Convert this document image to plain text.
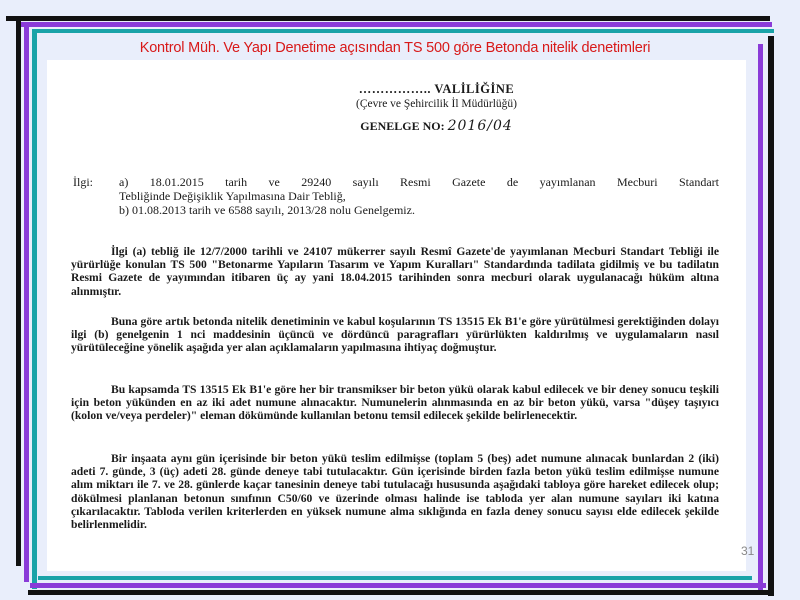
Kontrol Müh. Ve Yapı Denetime açısından TS 500 göre Betonda nitelik denetimleri
…………….. VALİLİĞİNE
(Çevre ve Şehircilik İl Müdürlüğü)
GENELGE NO: 2016/04
İlgi: a) 18.01.2015 tarih ve 29240 sayılı Resmi Gazete de yayımlanan Mecburi Standart
Tebliğinde Değişiklik Yapılmasına Dair Tebliğ,
b) 01.08.2013 tarih ve 6588 sayılı, 2013/28 nolu Genelgemiz.
İlgi (a) tebliğ ile 12/7/2000 tarihli ve 24107 mükerrer sayılı Resmî Gazete'de yayımlanan Mecburi Standart Tebliği ile yürürlüğe konulan TS 500 "Betonarme Yapıların Tasarım ve Yapım Kuralları" Standardında tadilata gidilmiş ve bu tadilatın Resmi Gazete de yayımından itibaren üç ay yani 18.04.2015 tarihinden sonra mecburi olarak uygulanacağı hüküm altına alınmıştır.
Buna göre artık betonda nitelik denetiminin ve kabul koşularının TS 13515 Ek B1'e göre yürütülmesi gerektiğinden dolayı ilgi (b) genelgenin 1 nci maddesinin üçüncü ve dördüncü paragrafları yürürlükten kaldırılmış ve uygulamaların nasıl yürütüleceğine yönelik aşağıda yer alan açıklamaların yapılmasına ihtiyaç doğmuştur.
Bu kapsamda TS 13515 Ek B1'e göre her bir transmikser bir beton yükü olarak kabul edilecek ve bir deney sonucu teşkili için beton yükünden en az iki adet numune alınacaktır. Numunelerin alınmasında en az bir beton yükü, varsa "düşey taşıyıcı (kolon ve/veya perdeler)" eleman dökümünde kullanılan betonu temsil edilecek şekilde belirlenecektir.
Bir inşaata aynı gün içerisinde bir beton yükü teslim edilmişse (toplam 5 (beş) adet numune alınacak bunlardan 2 (iki) adeti 7. günde, 3 (üç) adeti 28. günde deneye tabi tutulacaktır. Gün içerisinde birden fazla beton yükü teslim edilmişse numune alım miktarı ile 7. ve 28. günlerde kaçar tanesinin deneye tabi tutulacağı hususunda aşağıdaki tabloya göre hareket edilecek olup; dökülmesi planlanan betonun sınıfının C50/60 ve üzerinde olması halinde ise tabloda yer alan numune sayıları iki katına çıkarılacaktır. Tabloda verilen kriterlerden en yüksek numune alma sıklığında en fazla deney sonucu sayısı elde edilecek şekilde belirlenmelidir.
31
